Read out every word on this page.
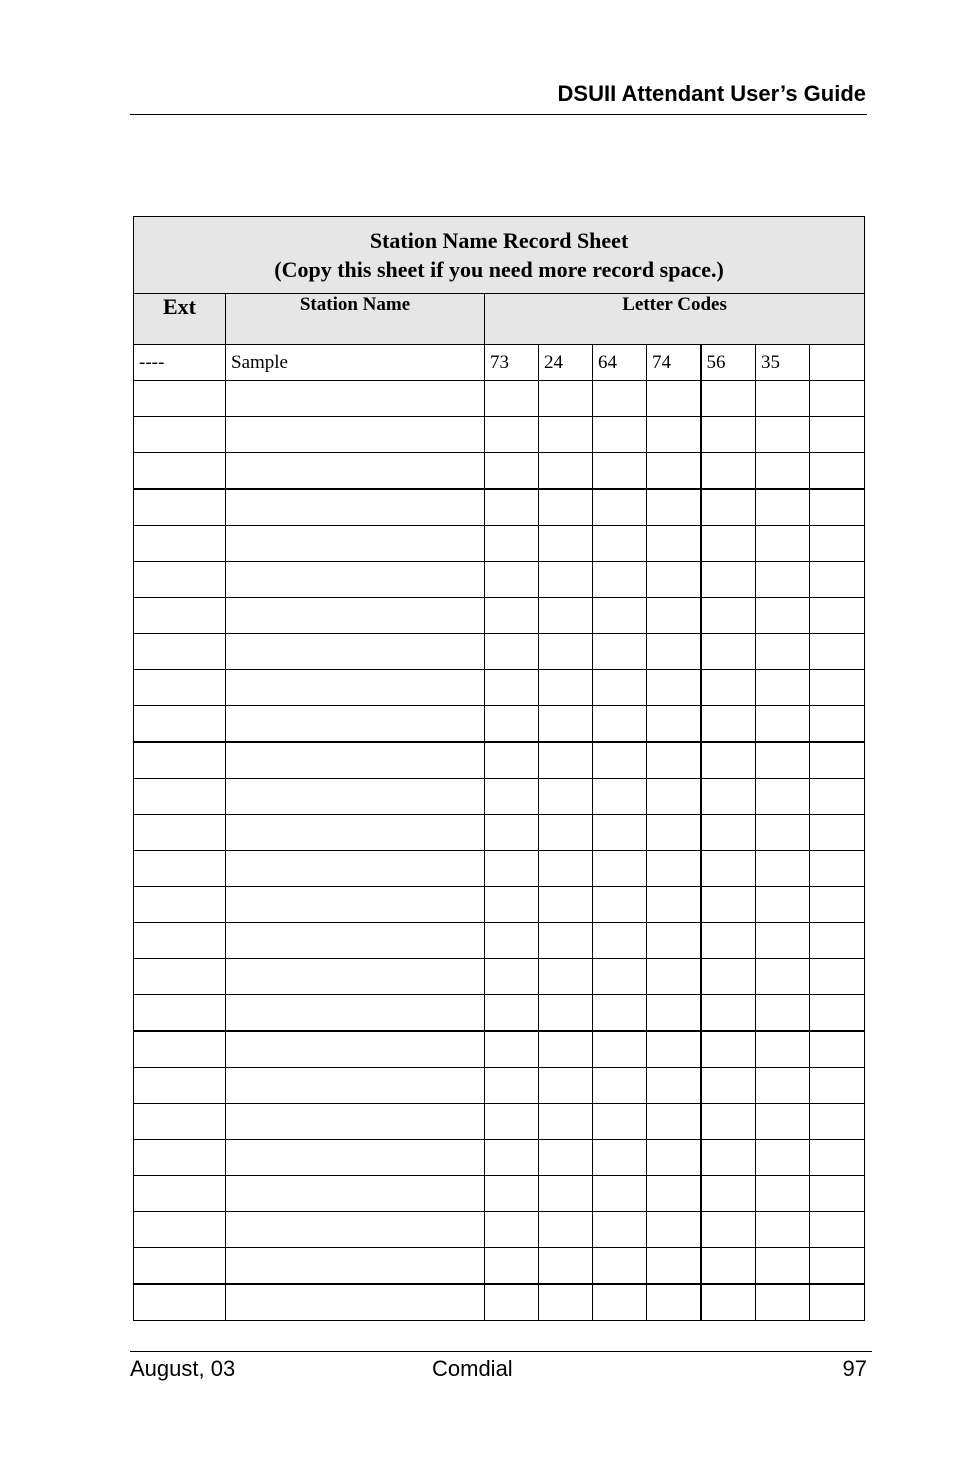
DSUII Attendant User’s Guide
Station Name Record Sheet
(Copy this sheet if you need more record space.)								

Ext	Station Name	Letter Codes						
----	Sample	73	24	64	74	56	35	

August, 03	Comdial	97
